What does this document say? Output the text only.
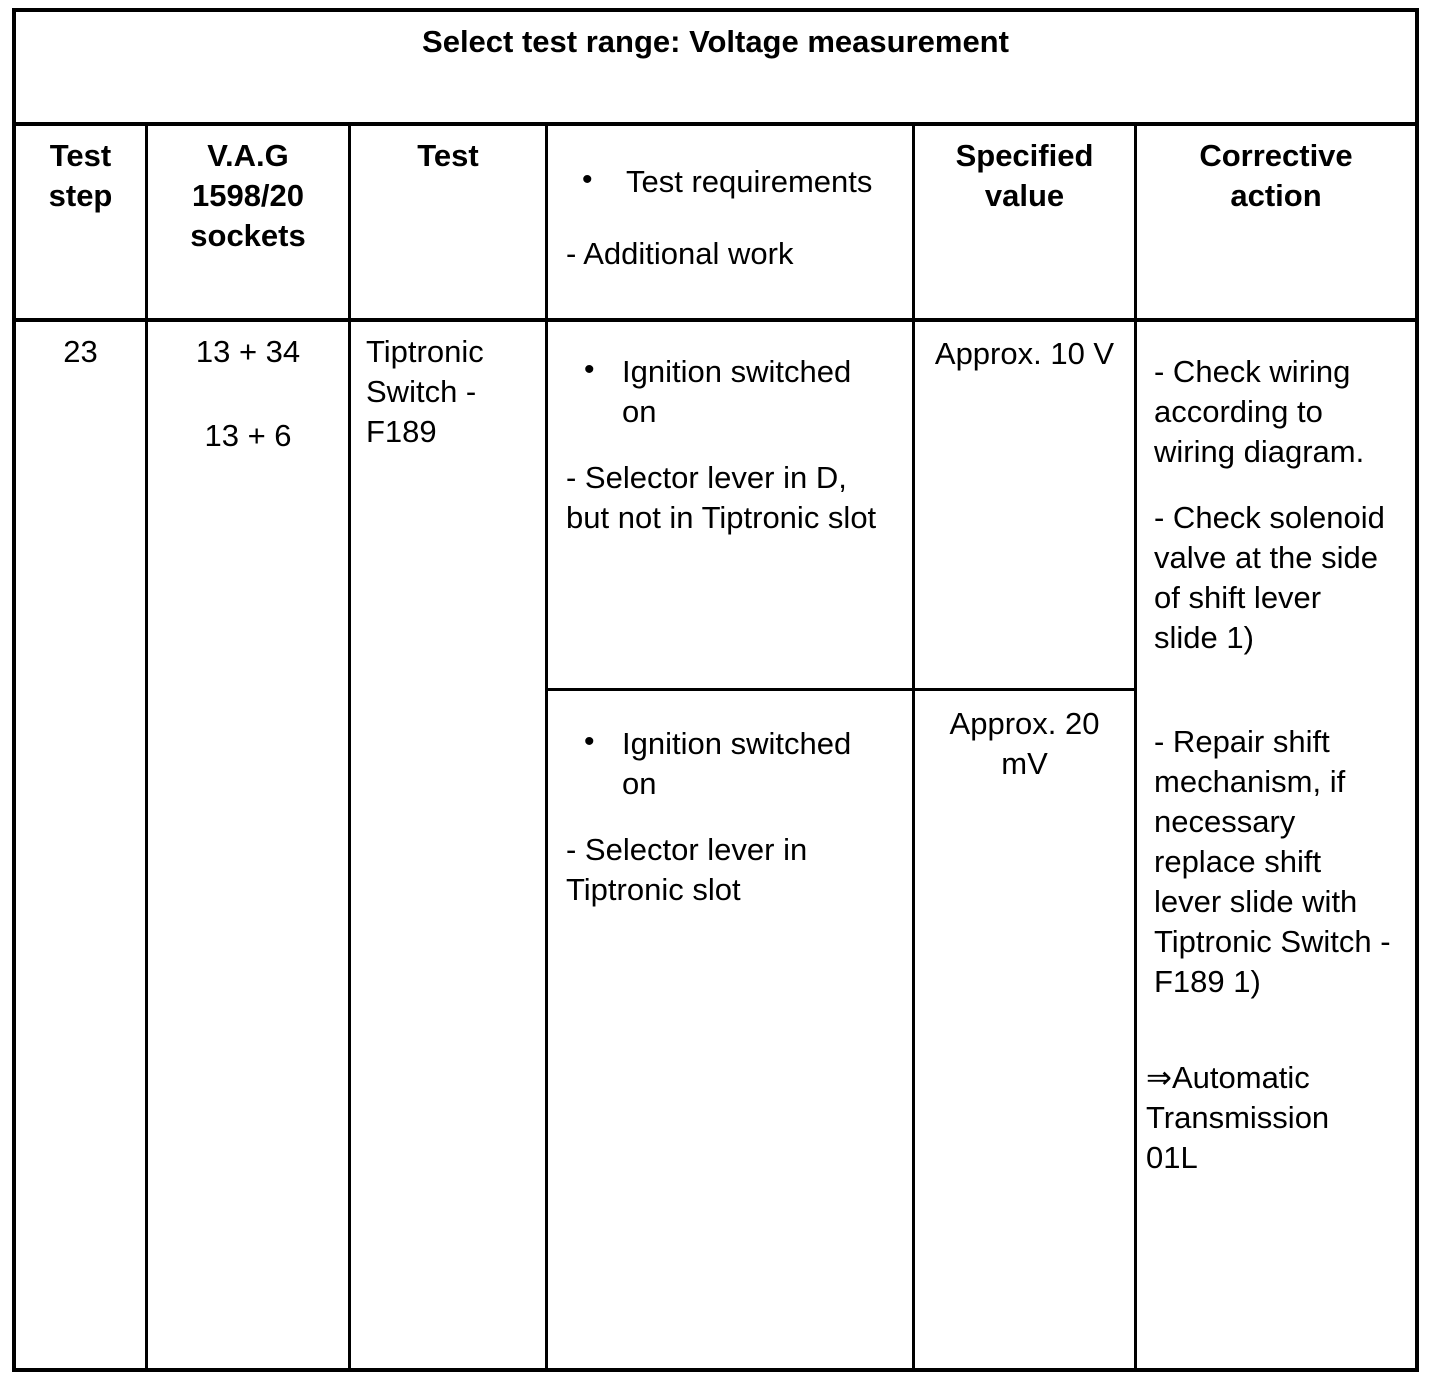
Select test range: Voltage measurement
Test
step
V.A.G
1598/20
sockets
Test
• Test requirements
- Additional work
Specified
value
Corrective
action
23	13 + 34
13 + 6
Tiptronic
Switch -
F189
• Ignition switched
on
- Selector lever in D,
but not in Tiptronic slot
Approx. 10 V
• Ignition switched
on
- Selector lever in
Tiptronic slot
Approx. 20
mV
- Check wiring
according to
wiring diagram.
- Check solenoid
valve at the side
of shift lever
slide 1)
- Repair shift
mechanism, if
necessary
replace shift
lever slide with
Tiptronic Switch -
F189 1)
⇒Automatic
Transmission
01L
